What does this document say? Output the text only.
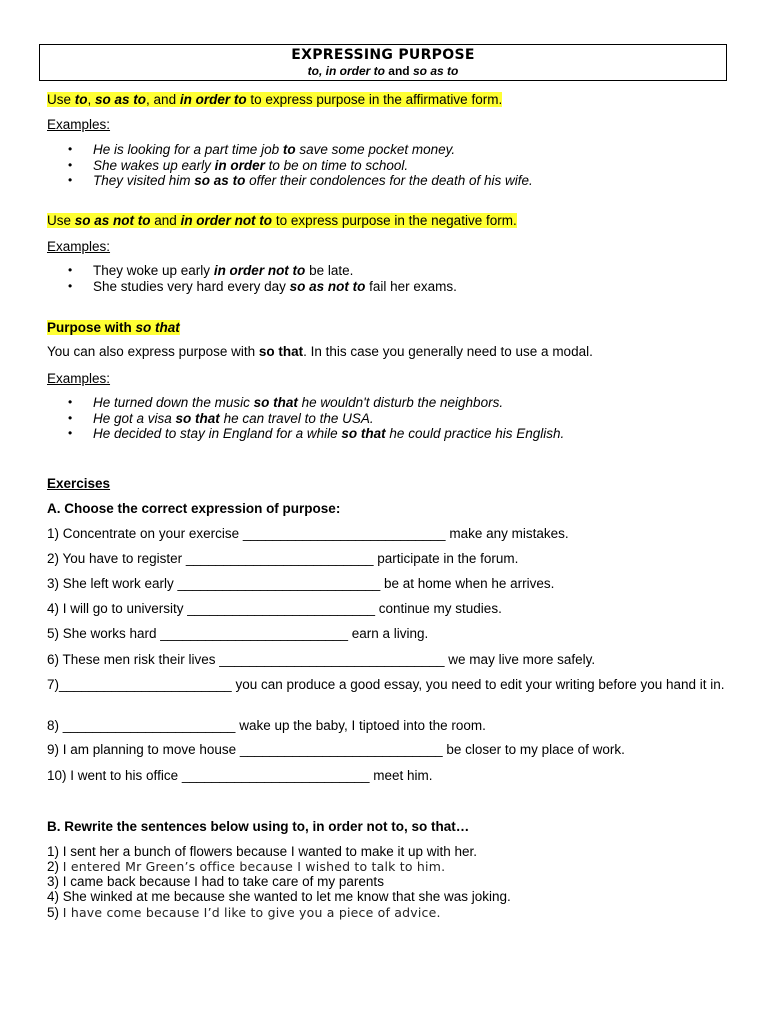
EXPRESSING PURPOSE
to, in order to and so as to
Use to, so as to, and in order to to express purpose in the affirmative form.
Examples:
• He is looking for a part time job to save some pocket money.
• She wakes up early in order to be on time to school.
• They visited him so as to offer their condolences for the death of his wife.
Use so as not to and in order not to to express purpose in the negative form.
Examples:
• They woke up early in order not to be late.
• She studies very hard every day so as not to fail her exams.
Purpose with so that
You can also express purpose with so that. In this case you generally need to use a modal.
Examples:
• He turned down the music so that he wouldn't disturb the neighbors.
• He got a visa so that he can travel to the USA.
• He decided to stay in England for a while so that he could practice his English.
Exercises
A. Choose the correct expression of purpose:
1) Concentrate on your exercise ___________________________ make any mistakes.
2) You have to register _________________________ participate in the forum.
3) She left work early ___________________________ be at home when he arrives.
4) I will go to university _________________________ continue my studies.
5) She works hard _________________________ earn a living.
6) These men risk their lives ______________________________ we may live more safely.
7)_______________________ you can produce a good essay, you need to edit your writing before you hand it in.
8) _______________________ wake up the baby, I tiptoed into the room.
9) I am planning to move house ___________________________ be closer to my place of work.
10) I went to his office _________________________ meet him.
B. Rewrite the sentences below using to, in order not to, so that…
1) I sent her a bunch of flowers because I wanted to make it up with her.
2) I entered Mr Green’s office because I wished to talk to him.
3) I came back because I had to take care of my parents
4) She winked at me because she wanted to let me know that she was joking.
5) I have come because I’d like to give you a piece of advice.
